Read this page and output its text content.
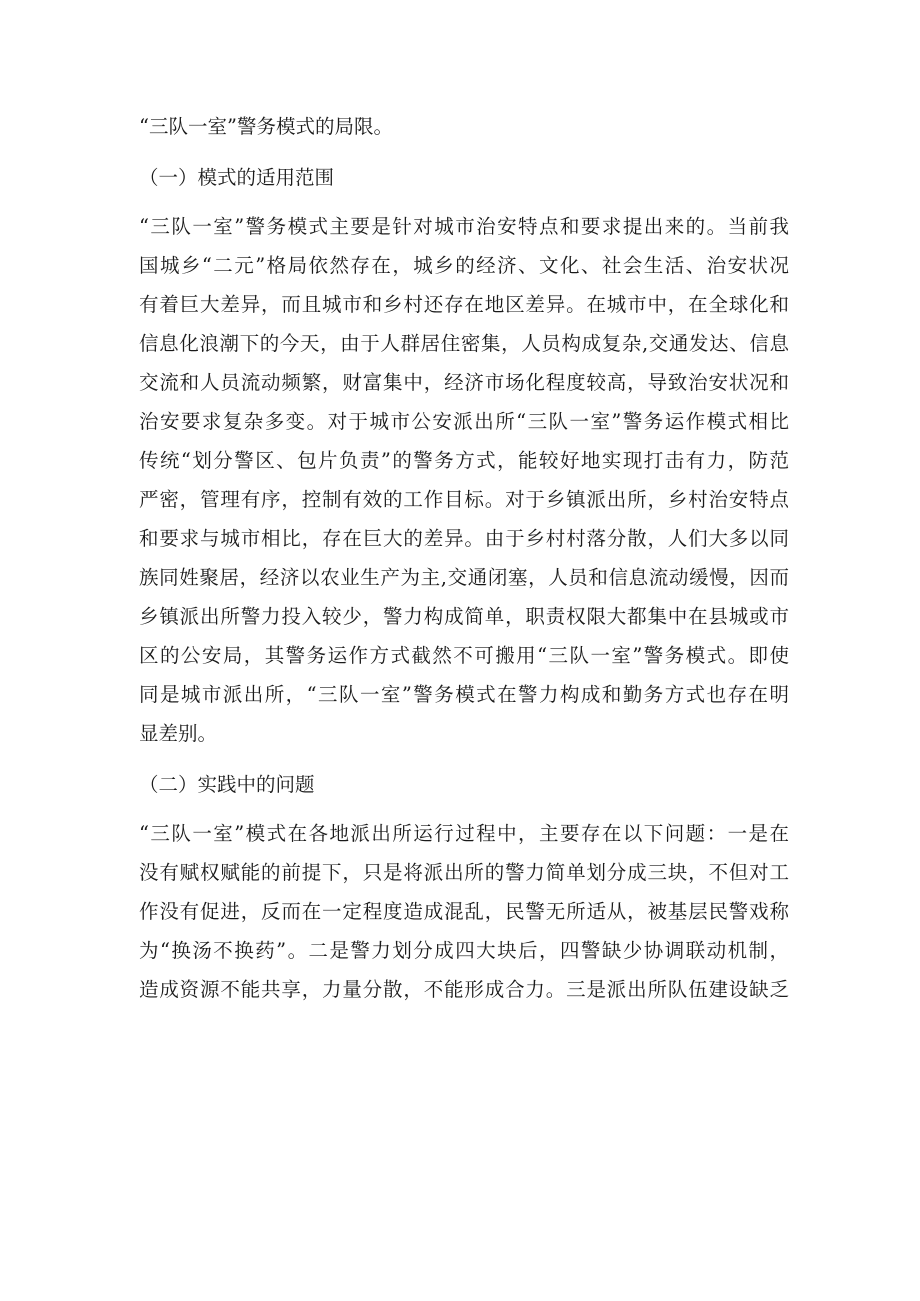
“三队一室”警务模式的局限。
（一）模式的适用范围
“三队一室”警务模式主要是针对城市治安特点和要求提出来的。当前我
国城乡“二元”格局依然存在，城乡的经济、文化、社会生活、治安状况
有着巨大差异，而且城市和乡村还存在地区差异。在城市中，在全球化和
信息化浪潮下的今天，由于人群居住密集，人员构成复杂,交通发达、信息
交流和人员流动频繁，财富集中，经济市场化程度较高，导致治安状况和
治安要求复杂多变。对于城市公安派出所“三队一室”警务运作模式相比
传统“划分警区、包片负责”的警务方式，能较好地实现打击有力，防范
严密，管理有序，控制有效的工作目标。对于乡镇派出所，乡村治安特点
和要求与城市相比，存在巨大的差异。由于乡村村落分散，人们大多以同
族同姓聚居，经济以农业生产为主,交通闭塞，人员和信息流动缓慢，因而
乡镇派出所警力投入较少，警力构成简单，职责权限大都集中在县城或市
区的公安局，其警务运作方式截然不可搬用“三队一室”警务模式。即使
同是城市派出所，“三队一室”警务模式在警力构成和勤务方式也存在明
显差别。
（二）实践中的问题
“三队一室”模式在各地派出所运行过程中，主要存在以下问题：一是在
没有赋权赋能的前提下，只是将派出所的警力简单划分成三块，不但对工
作没有促进，反而在一定程度造成混乱，民警无所适从，被基层民警戏称
为“换汤不换药”。二是警力划分成四大块后，四警缺少协调联动机制，
造成资源不能共享，力量分散，不能形成合力。三是派出所队伍建设缺乏
